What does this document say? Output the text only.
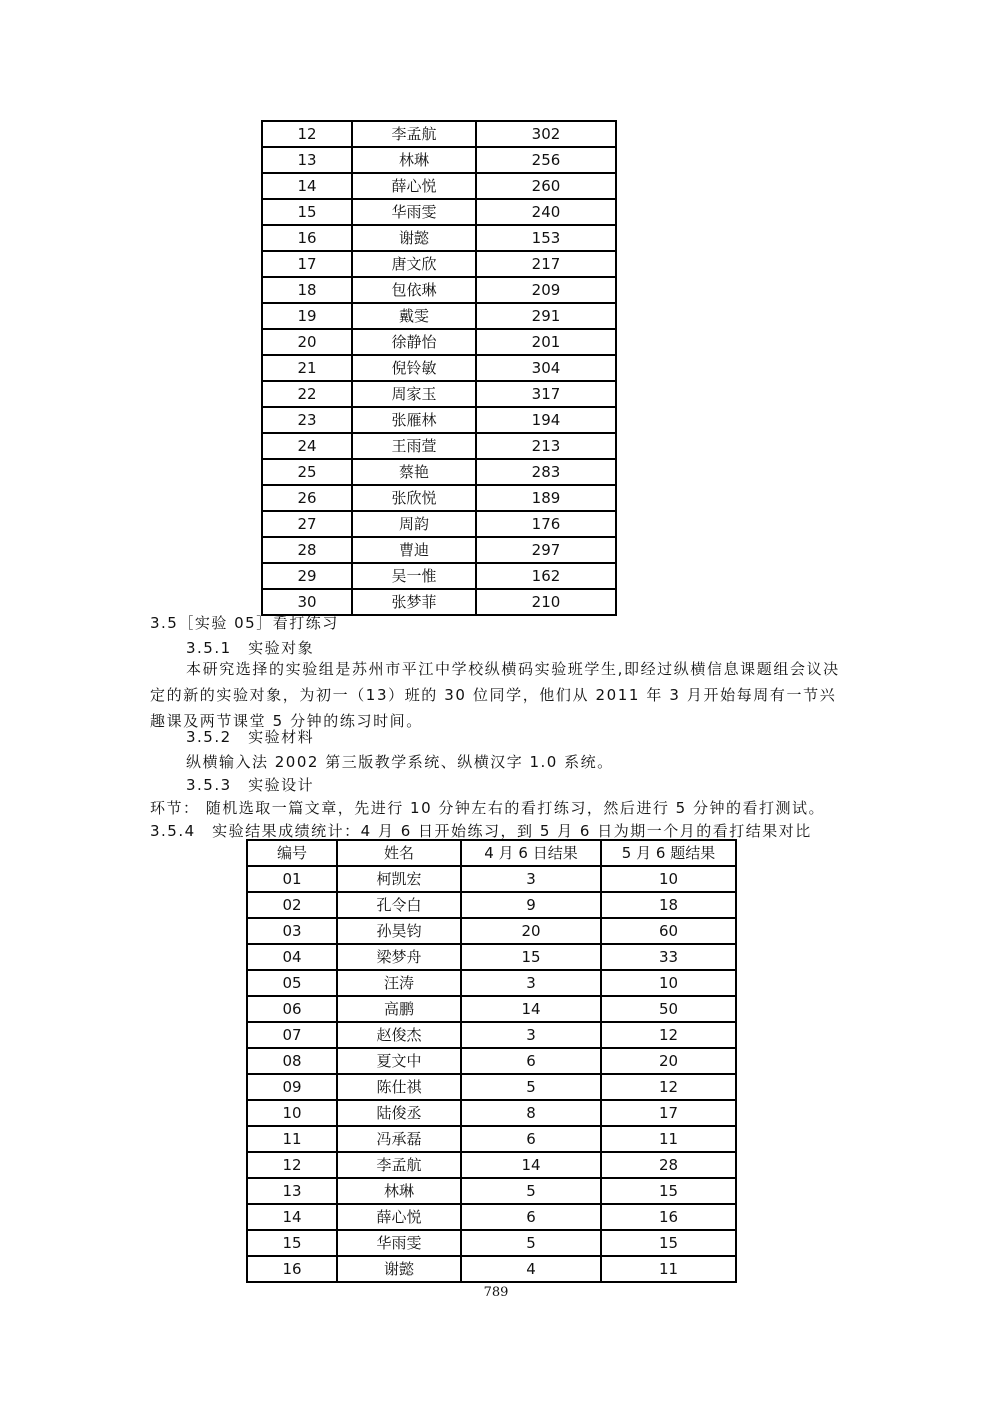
12	李孟航	302
13	林琳	256
14	薛心悦	260
15	华雨雯	240
16	谢懿	153
17	唐文欣	217
18	包依琳	209
19	戴雯	291
20	徐静怡	201
21	倪铃敏	304
22	周家玉	317
23	张雁林	194
24	王雨萱	213
25	蔡艳	283
26	张欣悦	189
27	周韵	176
28	曹迪	297
29	吴一惟	162
30	张梦菲	210
3.5［实验 05］看打练习
3.5.1　实验对象
本研究选择的实验组是苏州市平江中学校纵横码实验班学生,即经过纵横信息课题组会议决定的新的实验对象，为初一（13）班的 30 位同学，他们从 2011 年 3 月开始每周有一节兴趣课及两节课堂 5 分钟的练习时间。
3.5.2　实验材料
纵横输入法 2002 第三版教学系统、纵横汉字 1.0 系统。
3.5.3　实验设计
环节： 随机选取一篇文章，先进行 10 分钟左右的看打练习，然后进行 5 分钟的看打测试。
3.5.4　实验结果成绩统计：4 月 6 日开始练习，到 5 月 6 日为期一个月的看打结果对比
编号	姓名	4 月 6 日结果	5 月 6 题结果
01	柯凯宏	3	10
02	孔令白	9	18
03	孙昊钧	20	60
04	梁梦舟	15	33
05	汪涛	3	10
06	高鹏	14	50
07	赵俊杰	3	12
08	夏文中	6	20
09	陈仕祺	5	12
10	陆俊丞	8	17
11	冯承磊	6	11
12	李孟航	14	28
13	林琳	5	15
14	薛心悦	6	16
15	华雨雯	5	15
16	谢懿	4	11
789
